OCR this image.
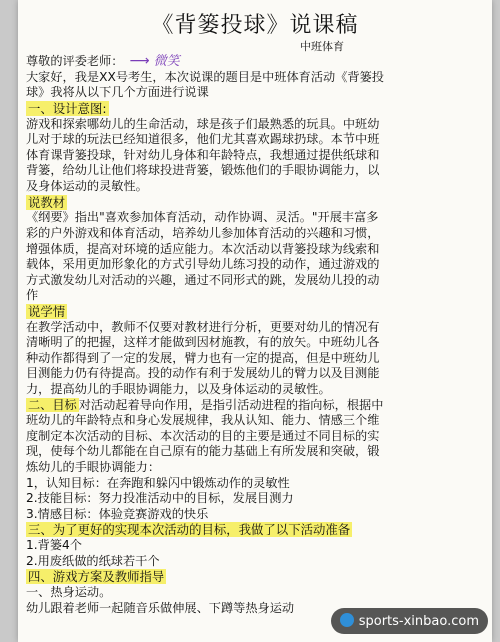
《背篓投球》说课稿
中班体育
尊敬的评委老师： ⟶ 微笑
大家好，我是XX号考生，本次说课的题目是中班体育活动《背篓投
球》我将从以下几个方面进行说课
一、设计意图:
游戏和探索哪幼儿的生命活动，球是孩子们最熟悉的玩具。中班幼
儿对于球的玩法已经知道很多，他们尤其喜欢踢球扔球。本节中班
体育课背篓投球，针对幼儿身体和年龄特点，我想通过提供纸球和
背篓，给幼儿让他们将球投进背篓，锻炼他们的手眼协调能力，以
及身体运动的灵敏性。
说教材
《纲要》指出"喜欢参加体育活动，动作协调、灵活。"开展丰富多
彩的户外游戏和体育活动，培养幼儿参加体育活动的兴趣和习惯，
增强体质，提高对环境的适应能力。本次活动以背篓投球为线索和
载体，采用更加形象化的方式引导幼儿练习投的动作，通过游戏的
方式激发幼儿对活动的兴趣，通过不同形式的跳，发展幼儿投的动
作
说学情
在教学活动中，教师不仅要对教材进行分析，更要对幼儿的情况有
清晰明了的把握，这样才能做到因材施教，有的放矢。中班幼儿各
种动作都得到了一定的发展，臂力也有一定的提高，但是中班幼儿
目测能力仍有待提高。投的动作有利于发展幼儿的臂力以及目测能
力，提高幼儿的手眼协调能力，以及身体运动的灵敏性。
二、目标 对活动起着导向作用，是指引活动进程的指向标，根据中
班幼儿的年龄特点和身心发展规律，我从认知、能力、情感三个维
度制定本次活动的目标、本次活动的目的主要是通过不同目标的实
现，使每个幼儿都能在自己原有的能力基础上有所发展和突破，锻
炼幼儿的手眼协调能力：
1，认知目标：在奔跑和躲闪中锻炼动作的灵敏性
2.技能目标：努力投准活动中的目标，发展目测力
3.情感目标：体验竞赛游戏的快乐
三、为了更好的实现本次活动的目标，我做了以下活动准备
1.背篓4个
2.用废纸做的纸球若干个
四、游戏方案及教师指导
一、热身运动。
幼儿跟着老师一起随音乐做伸展、下蹲等热身运动
sports-xinbao.com
